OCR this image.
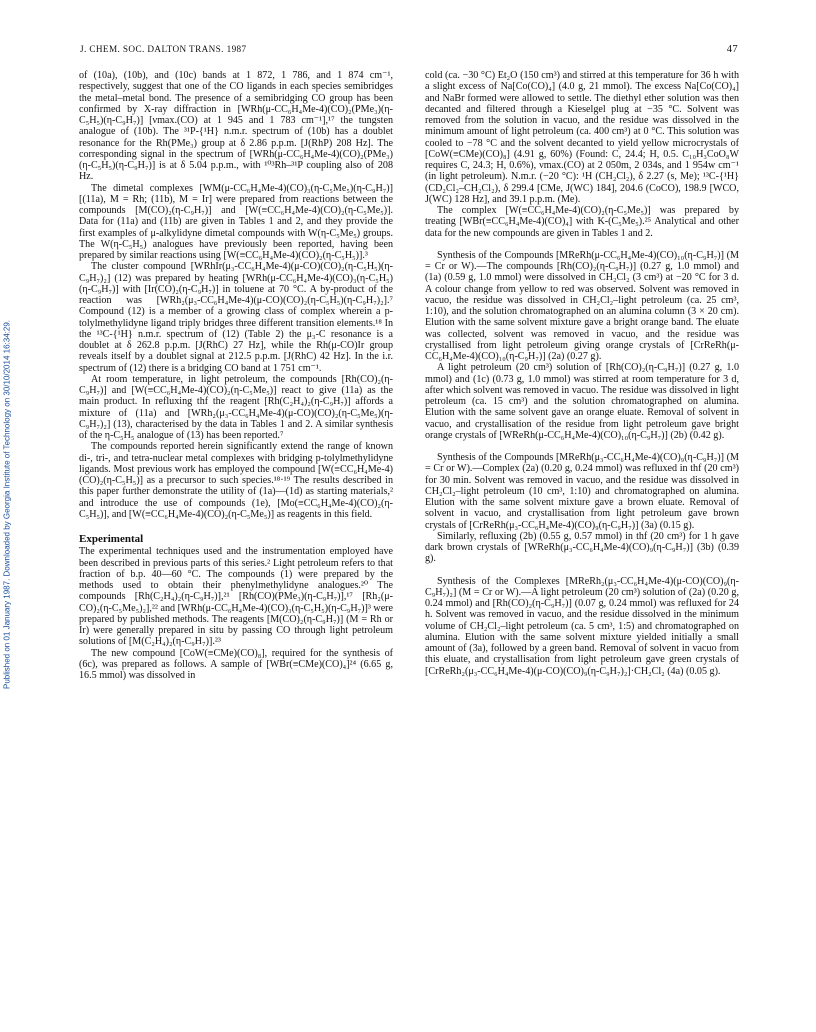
J. CHEM. SOC. DALTON TRANS. 1987	47
Published on 01 January 1987. Downloaded by Georgia Institute of Technology on 30/10/2014 16:34:29.

of (10a), (10b), and (10c) bands at 1 872, 1 786, and 1 874 cm⁻¹, respectively, suggest that one of the CO ligands in each species semibridges the metal–metal bond. The presence of a semibridging CO group has been confirmed by X-ray diffraction in [WRh(μ-CC₆H₄Me-4)(CO)₂(PMe₃)(η-C₅H₅)(η-C₉H₇)] [νmax.(CO) at 1 945 and 1 783 cm⁻¹],¹⁷ the tungsten analogue of (10b). The ³¹P-{¹H} n.m.r. spectrum of (10b) has a doublet resonance for the Rh(PMe₃) group at δ 2.86 p.p.m. [J(RhP) 208 Hz]. The corresponding signal in the spectrum of [WRh(μ-CC₆H₄Me-4)(CO)₂(PMe₃)(η-C₅H₅)(η-C₉H₇)] is at δ 5.04 p.p.m., with ¹⁰³Rh–³¹P coupling also of 208 Hz.

The dimetal complexes [WM(μ-CC₆H₄Me-4)(CO)₃(η-C₅Me₅)(η-C₉H₇)] [(11a), M = Rh; (11b), M = Ir] were prepared from reactions between the compounds [M(CO)₂(η-C₉H₇)] and [W(≡CC₆H₄Me-4)(CO)₂(η-C₅Me₅)]. Data for (11a) and (11b) are given in Tables 1 and 2, and they provide the first examples of μ-alkylidyne dimetal compounds with W(η-C₅Me₅) groups. The W(η-C₅H₅) analogues have previously been reported, having been prepared by similar reactions using [W(≡CC₆H₄Me-4)(CO)₂(η-C₅H₅)].³

The cluster compound [WRhIr(μ₃-CC₆H₄Me-4)(μ-CO)(CO)₂(η-C₅H₅)(η-C₉H₇)₂] (12) was prepared by heating [WRh(μ-CC₆H₄Me-4)(CO)₃(η-C₅H₅)(η-C₉H₇)] with [Ir(CO)₂(η-C₉H₇)] in toluene at 70 °C. A by-product of the reaction was [WRh₂(μ₃-CC₆H₄Me-4)(μ-CO)(CO)₂(η-C₅H₅)(η-C₉H₇)₂].⁷ Compound (12) is a member of a growing class of complex wherein a p-tolylmethylidyne ligand triply bridges three different transition elements.¹⁸ In the ¹³C-{¹H} n.m.r. spectrum of (12) (Table 2) the μ₃-C resonance is a doublet at δ 262.8 p.p.m. [J(RhC) 27 Hz], while the Rh(μ-CO)Ir group reveals itself by a doublet signal at 212.5 p.p.m. [J(RhC) 42 Hz]. In the i.r. spectrum of (12) there is a bridging CO band at 1 751 cm⁻¹.

At room temperature, in light petroleum, the compounds [Rh(CO)₂(η-C₉H₇)] and [W(≡CC₆H₄Me-4)(CO)₂(η-C₅Me₅)] react to give (11a) as the main product. In refluxing thf the reagent [Rh(C₂H₄)₂(η-C₉H₇)] affords a mixture of (11a) and [WRh₂(μ₃-CC₆H₄Me-4)(μ-CO)(CO)₂(η-C₅Me₅)(η-C₉H₇)₂] (13), characterised by the data in Tables 1 and 2. A similar synthesis of the η-C₅H₅ analogue of (13) has been reported.⁷

The compounds reported herein significantly extend the range of known di-, tri-, and tetra-nuclear metal complexes with bridging p-tolylmethylidyne ligands. Most previous work has employed the compound [W(≡CC₆H₄Me-4)(CO)₂(η-C₅H₅)] as a precursor to such species.¹⁸·¹⁹ The results described in this paper further demonstrate the utility of (1a)—(1d) as starting materials,² and introduce the use of compounds (1e), [Mo(≡CC₆H₄Me-4)(CO)₂(η-C₅H₅)], and [W(≡CC₆H₄Me-4)(CO)₂(η-C₅Me₅)] as reagents in this field.

Experimental

The experimental techniques used and the instrumentation employed have been described in previous parts of this series.² Light petroleum refers to that fraction of b.p. 40—60 °C. The compounds (1) were prepared by the methods used to obtain their phenylmethylidyne analogues.²⁰ The compounds [Rh(C₂H₄)₂(η-C₉H₇)],²¹ [Rh(CO)(PMe₃)(η-C₉H₇)],¹⁷ [Rh₂(μ-CO)₂(η-C₅Me₅)₂],²² and [WRh(μ-CC₆H₄Me-4)(CO)₃(η-C₅H₅)(η-C₉H₇)]³ were prepared by published methods. The reagents [M(CO)₂(η-C₉H₇)] (M = Rh or Ir) were generally prepared in situ by passing CO through light petroleum solutions of [M(C₂H₄)₂(η-C₉H₇)].²³

The new compound [CoW(≡CMe)(CO)₈], required for the synthesis of (6c), was prepared as follows. A sample of [WBr(≡CMe)(CO)₄]²⁴ (6.65 g, 16.5 mmol) was dissolved in

cold (ca. −30 °C) Et₂O (150 cm³) and stirred at this temperature for 36 h with a slight excess of Na[Co(CO)₄] (4.0 g, 21 mmol). The excess Na[Co(CO)₄] and NaBr formed were allowed to settle. The diethyl ether solution was then decanted and filtered through a Kieselgel plug at −35 °C. Solvent was removed from the solution in vacuo, and the residue was dissolved in the minimum amount of light petroleum (ca. 400 cm³) at 0 °C. This solution was cooled to −78 °C and the solvent decanted to yield yellow microcrystals of [CoW(≡CMe)(CO)₈] (4.91 g, 60%) (Found: C, 24.4; H, 0.5. C₁₀H₃CoO₈W requires C, 24.3; H, 0.6%), νmax.(CO) at 2 050m, 2 034s, and 1 954w cm⁻¹ (in light petroleum). N.m.r. (−20 °C): ¹H (CH₂Cl₂), δ 2.27 (s, Me); ¹³C-{¹H} (CD₂Cl₂–CH₂Cl₂), δ 299.4 [CMe, J(WC) 184], 204.6 (CoCO), 198.9 [WCO, J(WC) 128 Hz], and 39.1 p.p.m. (Me).

The complex [W(≡CC₆H₄Me-4)(CO)₂(η-C₅Me₅)] was prepared by treating [WBr(≡CC₆H₄Me-4)(CO)₄] with K-(C₅Me₅).²⁵ Analytical and other data for the new compounds are given in Tables 1 and 2.

Synthesis of the Compounds [MReRh(μ-CC₆H₄Me-4)(CO)₁₀(η-C₉H₇)] (M = Cr or W).—The compounds [Rh(CO)₂(η-C₉H₇)] (0.27 g, 1.0 mmol) and (1a) (0.59 g, 1.0 mmol) were dissolved in CH₂Cl₂ (3 cm³) at −20 °C for 3 d. A colour change from yellow to red was observed. Solvent was removed in vacuo, the residue was dissolved in CH₂Cl₂–light petroleum (ca. 25 cm³, 1:10), and the solution chromatographed on an alumina column (3 × 20 cm). Elution with the same solvent mixture gave a bright orange band. The eluate was collected, solvent was removed in vacuo, and the residue was crystallised from light petroleum giving orange crystals of [CrReRh(μ-CC₆H₄Me-4)(CO)₁₀(η-C₉H₇)] (2a) (0.27 g).

A light petroleum (20 cm³) solution of [Rh(CO)₂(η-C₉H₇)] (0.27 g, 1.0 mmol) and (1c) (0.73 g, 1.0 mmol) was stirred at room temperature for 3 d, after which solvent was removed in vacuo. The residue was dissolved in light petroleum (ca. 15 cm³) and the solution chromatographed on alumina. Elution with the same solvent gave an orange eluate. Removal of solvent in vacuo, and crystallisation of the residue from light petroleum gave bright orange crystals of [WReRh(μ-CC₆H₄Me-4)(CO)₁₀(η-C₉H₇)] (2b) (0.42 g).

Synthesis of the Compounds [MReRh(μ₃-CC₆H₄Me-4)(CO)₉(η-C₉H₇)] (M = Cr or W).—Complex (2a) (0.20 g, 0.24 mmol) was refluxed in thf (20 cm³) for 30 min. Solvent was removed in vacuo, and the residue was dissolved in CH₂Cl₂–light petroleum (10 cm³, 1:10) and chromatographed on alumina. Elution with the same solvent mixture gave a brown eluate. Removal of solvent in vacuo, and crystallisation from light petroleum gave brown crystals of [CrReRh(μ₃-CC₆H₄Me-4)(CO)₉(η-C₉H₇)] (3a) (0.15 g).

Similarly, refluxing (2b) (0.55 g, 0.57 mmol) in thf (20 cm³) for 1 h gave dark brown crystals of [WReRh(μ₃-CC₆H₄Me-4)(CO)₉(η-C₉H₇)] (3b) (0.39 g).

Synthesis of the Complexes [MReRh₂(μ₃-CC₆H₄Me-4)(μ-CO)(CO)₉(η-C₉H₇)₂] (M = Cr or W).—A light petroleum (20 cm³) solution of (2a) (0.20 g, 0.24 mmol) and [Rh(CO)₂(η-C₉H₇)] (0.07 g, 0.24 mmol) was refluxed for 24 h. Solvent was removed in vacuo, and the residue dissolved in the minimum volume of CH₂Cl₂–light petroleum (ca. 5 cm³, 1:5) and chromatographed on alumina. Elution with the same solvent mixture yielded initially a small amount of (3a), followed by a green band. Removal of solvent in vacuo from this eluate, and crystallisation from light petroleum gave green crystals of [CrReRh₂(μ₃-CC₆H₄Me-4)(μ-CO)(CO)₉(η-C₉H₇)₂]·CH₂Cl₂ (4a) (0.05 g).
